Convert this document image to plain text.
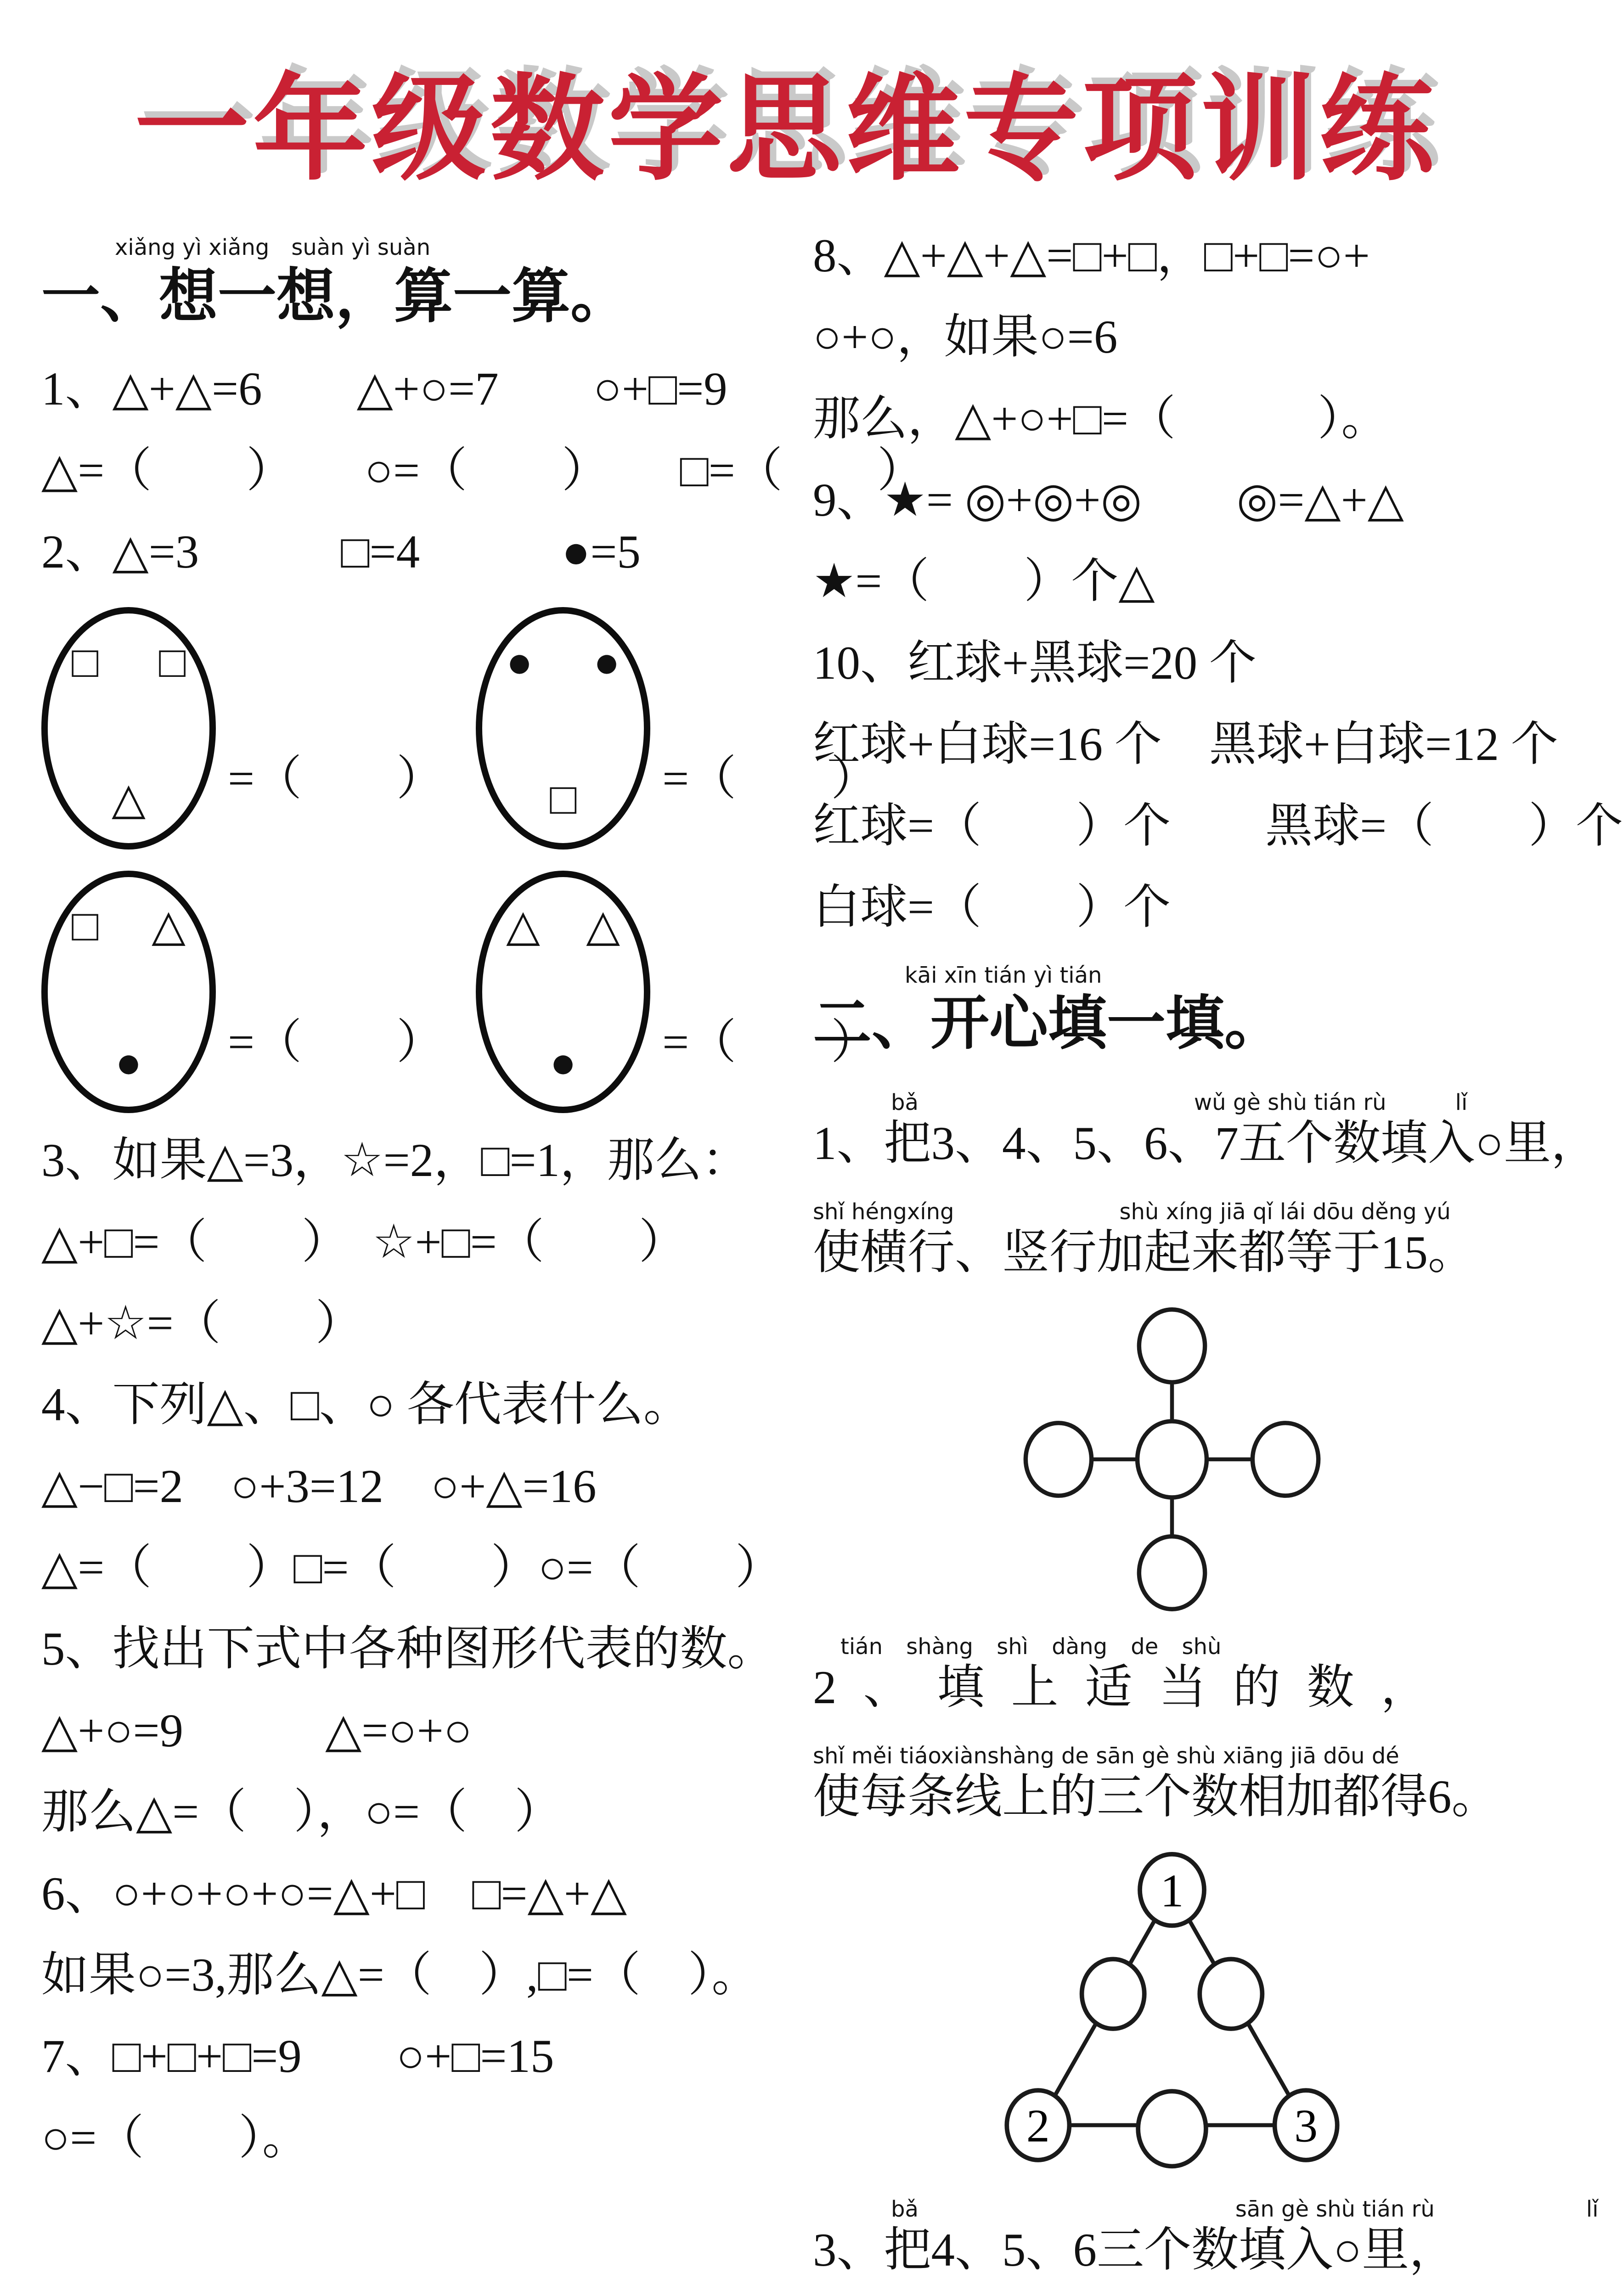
一年级数学思维专项训练
xiǎng yì xiǎng　suàn yì suàn
一、想一想，算一算。
1、△+△=6　　△+○=7　　○+□=9
△=（　　）　　○=（　　）　　□=（　　）
2、△=3　　　□=4　　　●=5
□ □
△ =（　　）
● ●
□ =（　　）
□ △
● =（　　）
△ △
● =（　　）
3、如果△=3，☆=2，□=1，那么：
△+□=（　　）　☆+□=（　　）
△+☆=（　　）
4、下列△、□、○ 各代表什么。
△−□=2　○+3=12　○+△=16
△=（　　）□=（　　）○=（　　）
5、找出下式中各种图形代表的数。
△+○=9　　　△=○+○
那么△=（　），○=（　）
6、○+○+○+○=△+□　□=△+△
如果○=3,那么△=（　）,□=（　）。
7、□+□+□=9　　○+□=15
○=（　　）。
8、△+△+△=□+□，□+□=○+
○+○，如果○=6
那么，△+○+□=（　　　）。
9、★= ◎+◎+◎　　◎=△+△
★=（　　）个△
10、红球+黑球=20 个
红球+白球=16 个　黑球+白球=12 个
红球=（　　）个　　黑球=（　　）个
白球=（　　）个
kāi xīn tián yì tián
二、开心填一填。
bǎ	wǔ gè shù tián rù	lǐ
1、把3、4、5、6、7五个数填入○里，
shǐ héngxíng	shù xíng jiā qǐ lái dōu děng yú
使横行、竖行加起来都等于15。
tián shàng shì dàng de shù
2、填上适当的数，
shǐ měi tiáoxiànshàng de sān gè shù xiāng jiā dōu dé
使每条线上的三个数相加都得6。
1
2	3
bǎ	sān gè shù tián rù	lǐ
3、把4、5、6三个数填入○里，
